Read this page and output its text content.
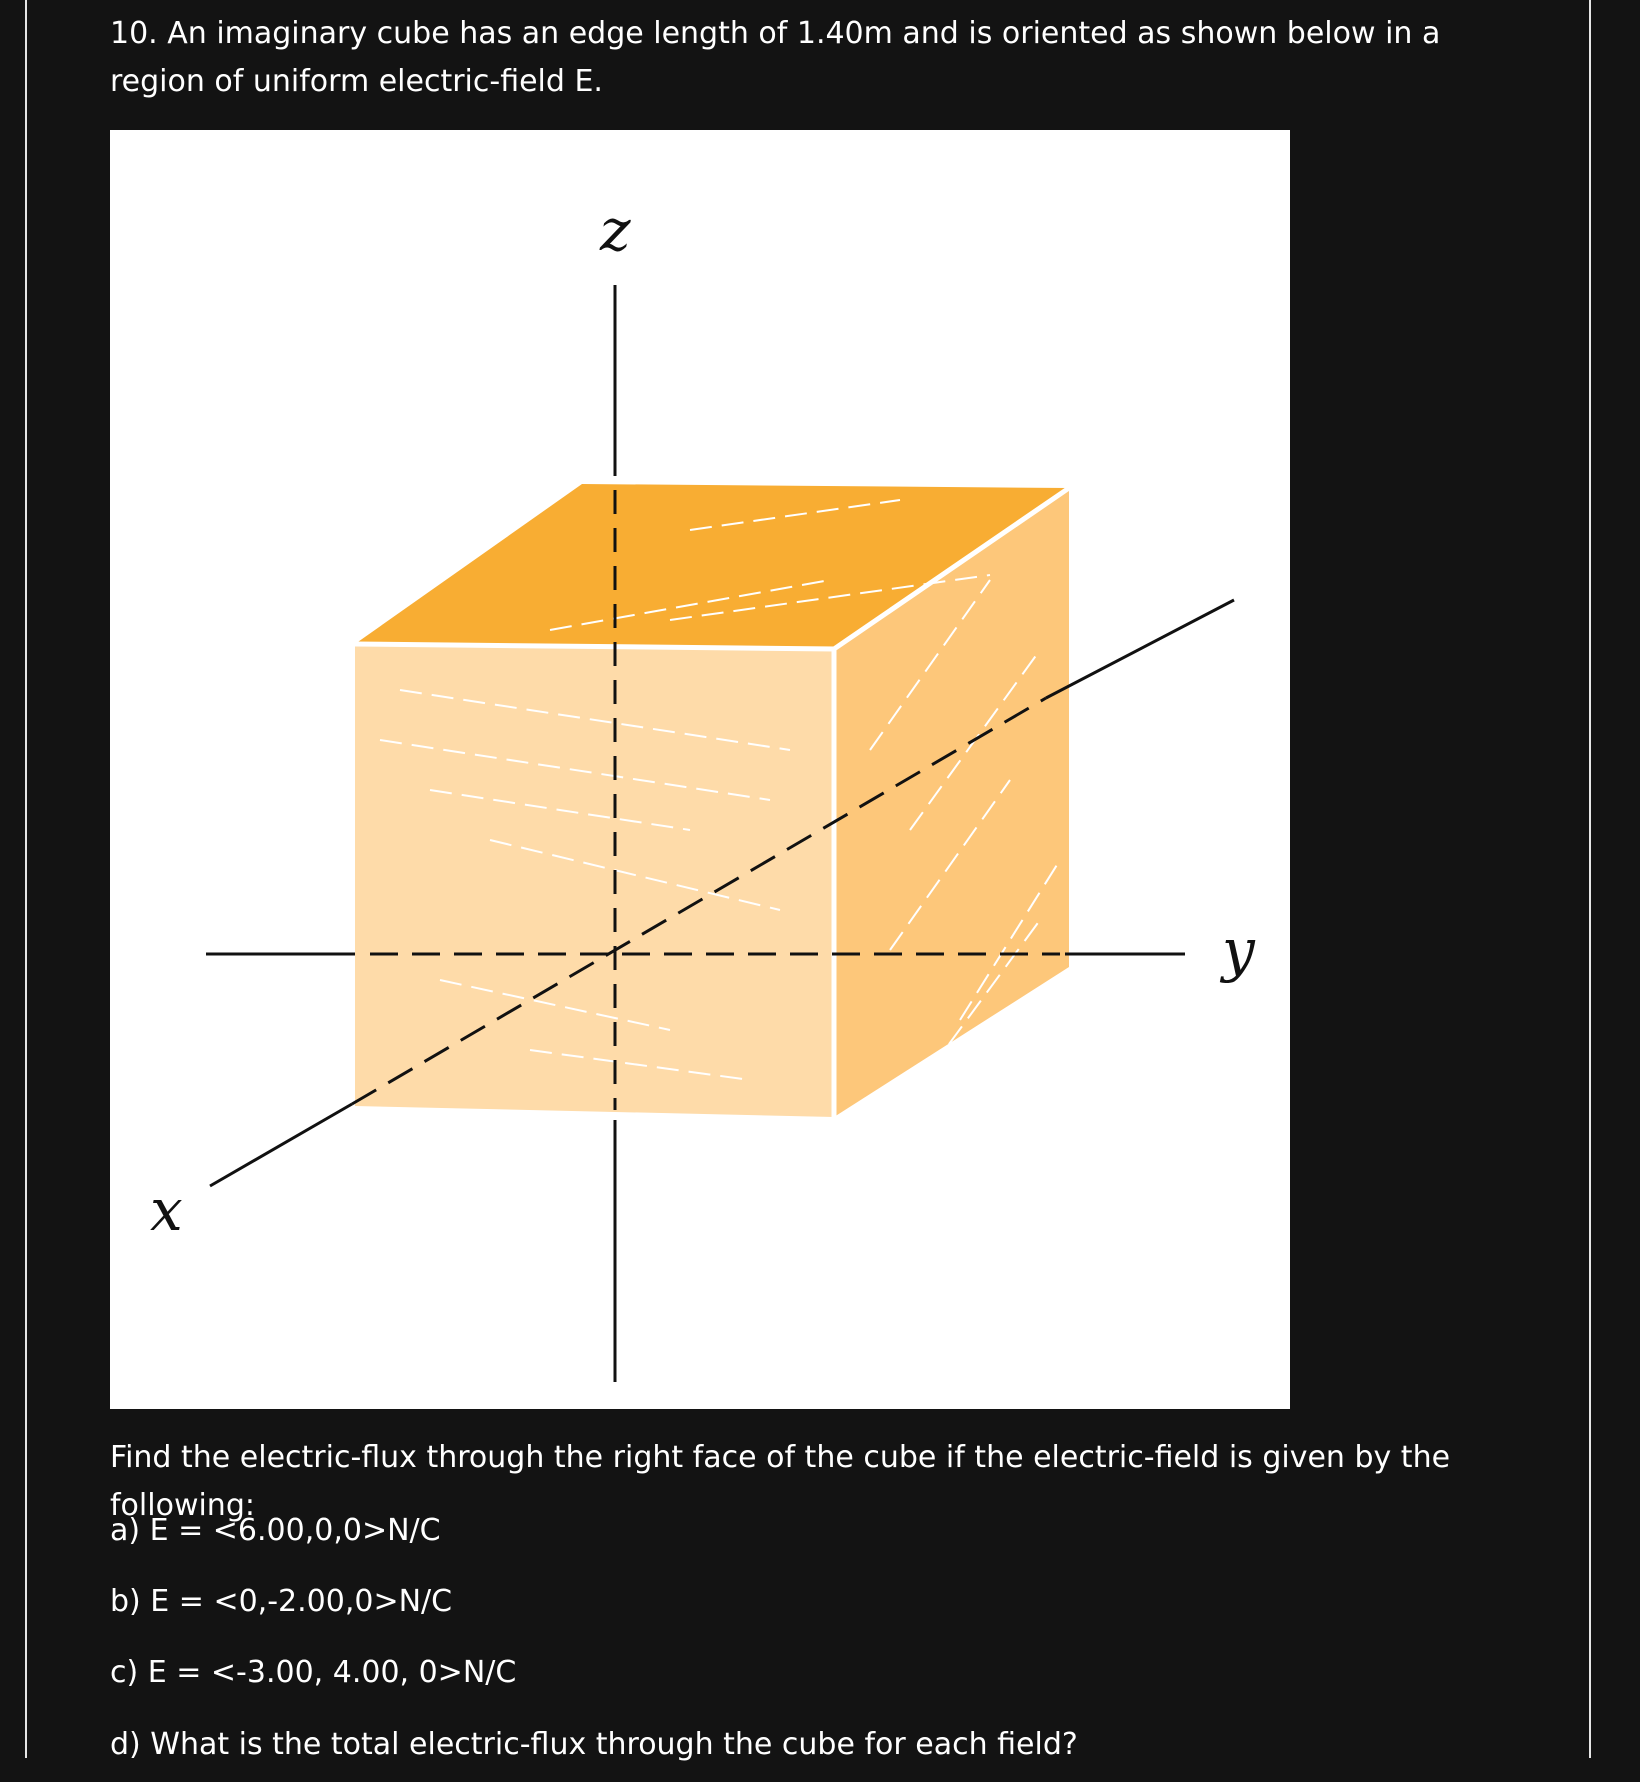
10. An imaginary cube has an edge length of 1.40m and is oriented as shown below in a region of uniform electric-field E.

z
y
x

Find the electric-flux through the right face of the cube if the electric-field is given by the following:

a) E = <6.00,0,0>N/C

b) E = <0,-2.00,0>N/C

c) E = <-3.00, 4.00, 0>N/C

d) What is the total electric-flux through the cube for each field?
